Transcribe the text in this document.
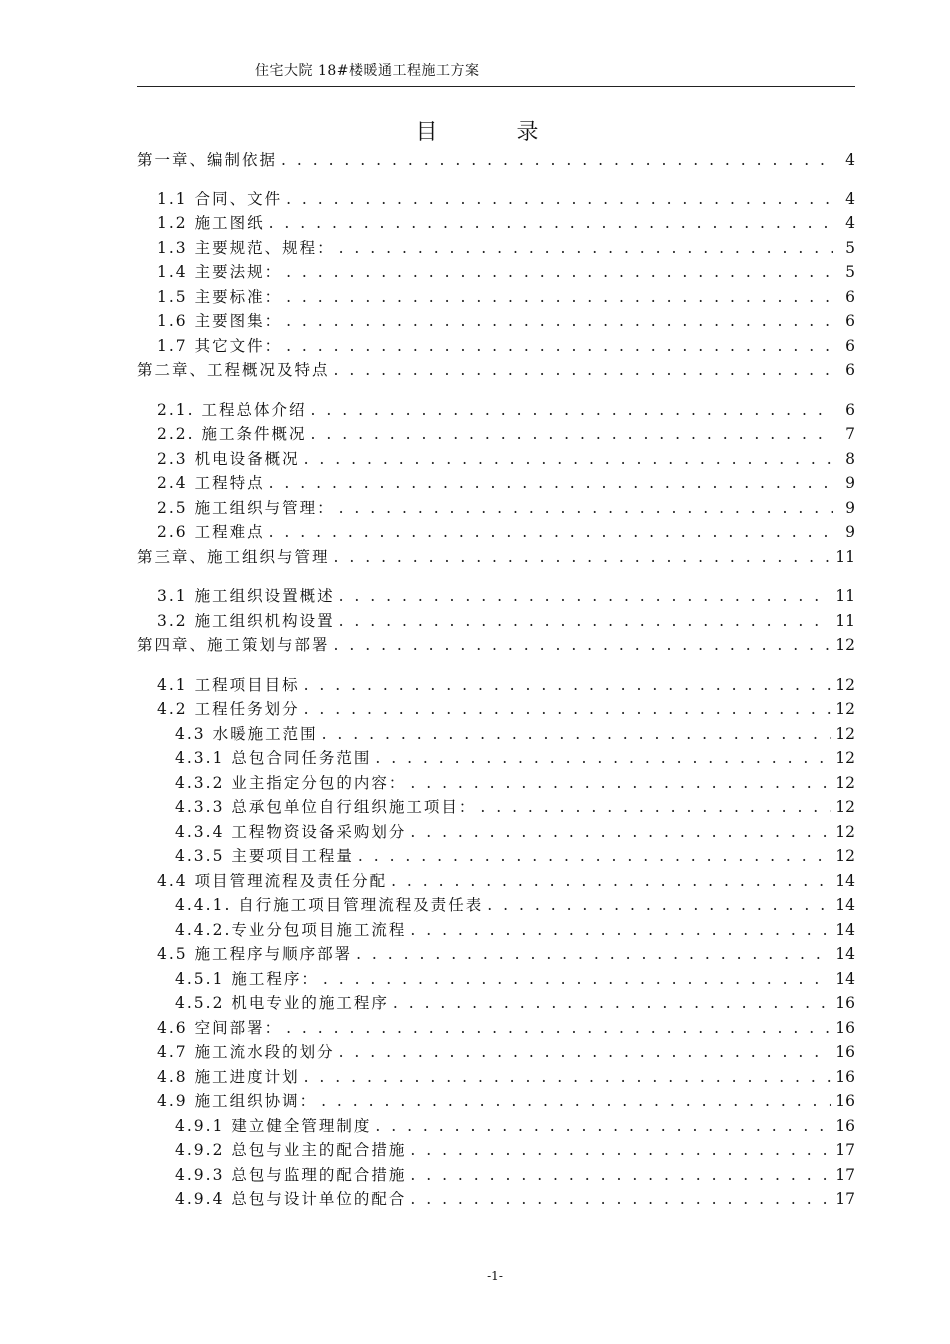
住宅大院 18#楼暖通工程施工方案
目 录
第一章、编制依据 . . .	4
1.1 合同、文件 . . .	4
1.2 施工图纸 . . .	4
1.3 主要规范、规程： . . .	5
1.4 主要法规： . . .	5
1.5 主要标准： . . .	6
1.6 主要图集： . . .	6
1.7 其它文件： . . .	6
第二章、工程概况及特点 . . .	6
2.1. 工程总体介绍 . . .	6
2.2. 施工条件概况 . . .	7
2.3 机电设备概况 . . .	8
2.4 工程特点 . . .	9
2.5 施工组织与管理： . . .	9
2.6 工程难点 . . .	9
第三章、施工组织与管理 . . .	11
3.1 施工组织设置概述 . . .	11
3.2 施工组织机构设置 . . .	11
第四章、施工策划与部署 . . .	12
4.1 工程项目目标 . . .	12
4.2 工程任务划分 . . .	12
4.3 水暖施工范围 . . .	12
4.3.1 总包合同任务范围 . . .	12
4.3.2 业主指定分包的内容： . . .	12
4.3.3 总承包单位自行组织施工项目： . . .	12
4.3.4 工程物资设备采购划分 . . .	12
4.3.5 主要项目工程量 . . .	12
4.4 项目管理流程及责任分配 . . .	14
4.4.1. 自行施工项目管理流程及责任表 . . .	14
4.4.2.专业分包项目施工流程 . . .	14
4.5 施工程序与顺序部署 . . .	14
4.5.1 施工程序： . . .	14
4.5.2 机电专业的施工程序 . . .	16
4.6 空间部署： . . .	16
4.7 施工流水段的划分 . . .	16
4.8 施工进度计划 . . .	16
4.9 施工组织协调： . . .	16
4.9.1 建立健全管理制度 . . .	16
4.9.2 总包与业主的配合措施 . . .	17
4.9.3 总包与监理的配合措施 . . .	17
4.9.4 总包与设计单位的配合 . . .	17
-1-
